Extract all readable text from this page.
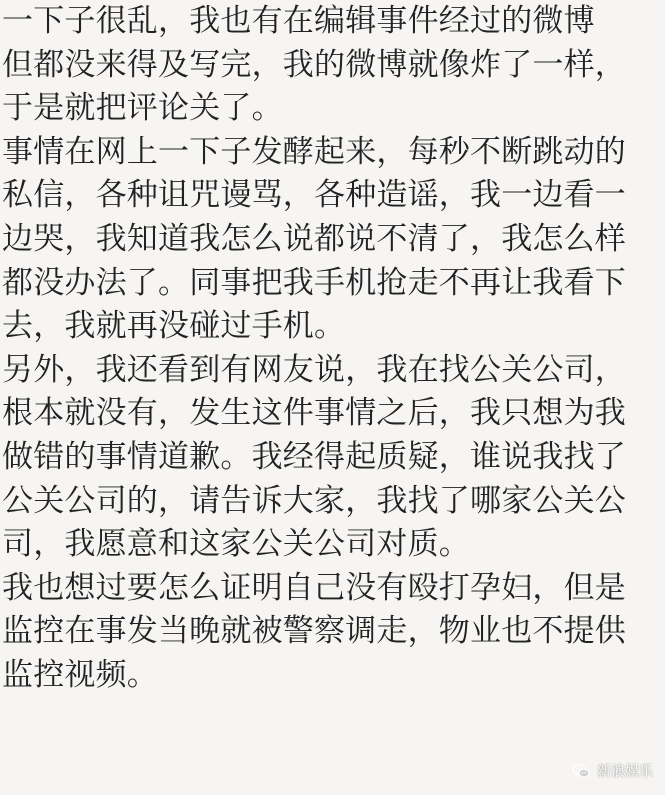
一下子很乱，我也有在编辑事件经过的微博
但都没来得及写完，我的微博就像炸了一样，
于是就把评论关了。
事情在网上一下子发酵起来，每秒不断跳动的
私信，各种诅咒谩骂，各种造谣，我一边看一
边哭，我知道我怎么说都说不清了，我怎么样
都没办法了。同事把我手机抢走不再让我看下
去，我就再没碰过手机。
另外，我还看到有网友说，我在找公关公司，
根本就没有，发生这件事情之后，我只想为我
做错的事情道歉。我经得起质疑，谁说我找了
公关公司的，请告诉大家，我找了哪家公关公
司，我愿意和这家公关公司对质。
我也想过要怎么证明自己没有殴打孕妇，但是
监控在事发当晚就被警察调走，物业也不提供
监控视频。
新浪娱乐
